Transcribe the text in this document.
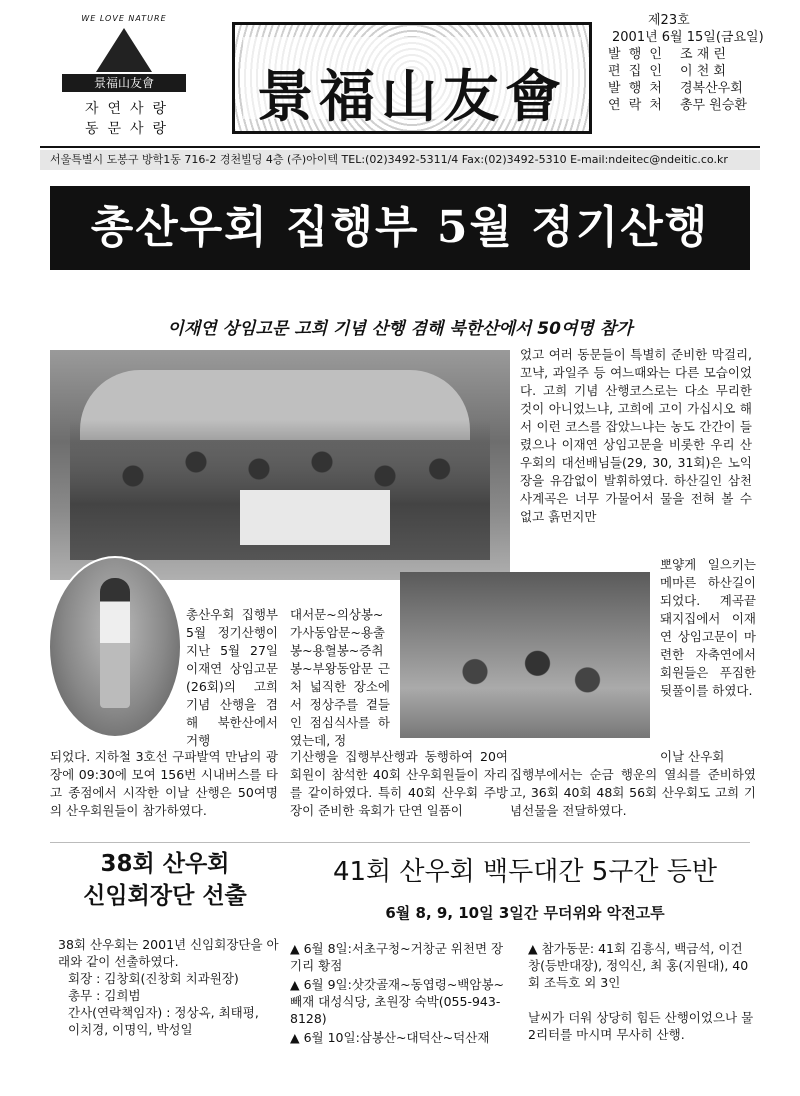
WE LOVE NATURE
景福山友會
자연사랑
동문사랑	景福山友會
제23호
2001년 6월 15일(금요일)
발 행 인	조 재 린
편 집 인	이 천 회
발 행 처	경복산우회
연 락 처	총무 원승환
서울특별시 도봉구 방학1동 716-2 경천빌딩 4층 (주)아이텍 TEL:(02)3492-5311/4 Fax:(02)3492-5310 E-mail:ndeitec@ndeitic.co.kr
총산우회 집행부 5월 정기산행
이재연 상임고문 고희 기념 산행 겸해 북한산에서 50여명 참가
었고 여러 동문들이 특별히 준비한 막걸리, 꼬냑, 과일주 등 여느때와는 다른 모습이었다. 고희 기념 산행코스로는 다소 무리한 것이 아니었느냐, 고희에 고이 가십시오 해서 이런 코스를 잡았느냐는 농도 간간이 들렸으나 이재연 상임고문을 비롯한 우리 산우회의 대선배님들(29, 30, 31회)은 노익장을 유감없이 발휘하였다. 하산길인 삼천사계곡은 너무 가물어서 물을 전혀 볼 수 없고 흙먼지만
뽀얗게 일으키는 메마른 하산길이 되었다. 계곡끝 돼지집에서 이재연 상임고문이 마련한 자축연에서 회원들은 푸짐한 뒷풀이를 하였다.
이날 산우회
집행부에서는 순금 행운의 열쇠를 준비하였고, 36회 40회 48회 56회 산우회도 고희 기념선물을 전달하였다.
총산우회 집행부 5월 정기산행이 지난 5월 27일 이재연 상임고문(26회)의 고희 기념 산행을 겸해 북한산에서 거행
되었다. 지하철 3호선 구파발역 만남의 광장에 09:30에 모여 156번 시내버스를 타고 종점에서 시작한 이날 산행은 50여명의 산우회원들이 참가하였다.
대서문~의상봉~가사동암문~용출봉~용혈봉~증취봉~부왕동암문 근처 넓직한 장소에서 정상주를 곁들인 점심식사를 하였는데, 정
기산행을 집행부산행과 동행하여 20여 회원이 참석한 40회 산우회원들이 자리를 같이하였다. 특히 40회 산우회 주방장이 준비한 육회가 단연 일품이
38회 산우회
신임회장단 선출
38회 산우회는 2001년 신임회장단을 아래와 같이 선출하였다.
회장 : 김창회(진창회 치과원장)
총무 : 김희범
간사(연락책임자) : 정상옥, 최태평,
이치경, 이명익, 박성일
41회 산우회 백두대간 5구간 등반
6월 8, 9, 10일 3일간 무더위와 악전고투

▲ 6월 8일:서초구청~거창군 위천면 장기리 황점

▲ 6월 9일:삿갓골재~동엽령~백암봉~빼재 대성식당, 초원장 숙박(055-943-8128)

▲ 6월 10일:삼봉산~대덕산~덕산재

▲ 참가동문: 41회 김흥식, 백금석, 이건창(등반대장), 정익신, 최 홍(지원대), 40회 조득호 외 3인

날씨가 더워 상당히 힘든 산행이었으나 물 2리터를 마시며 무사히 산행.
